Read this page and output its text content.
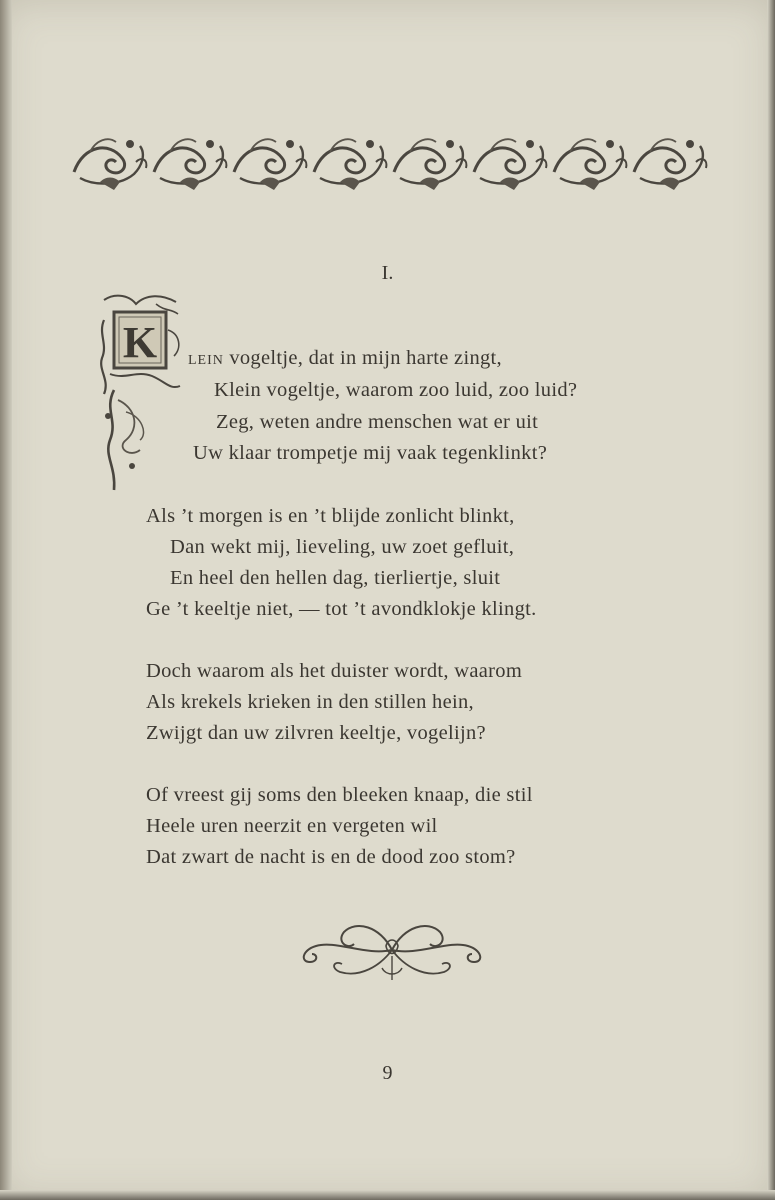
I.
K LEIN vogeltje, dat in mijn harte zingt,
Klein vogeltje, waarom zoo luid, zoo luid?
Zeg, weten andre menschen wat er uit
Uw klaar trompetje mij vaak tegenklinkt?
Als ’t morgen is en ’t blijde zonlicht blinkt,
Dan wekt mij, lieveling, uw zoet gefluit,
En heel den hellen dag, tierliertje, sluit
Ge ’t keeltje niet, — tot ’t avondklokje klingt.
Doch waarom als het duister wordt, waarom
Als krekels krieken in den stillen hein,
Zwijgt dan uw zilvren keeltje, vogelijn?
Of vreest gij soms den bleeken knaap, die stil
Heele uren neerzit en vergeten wil
Dat zwart de nacht is en de dood zoo stom?
9
